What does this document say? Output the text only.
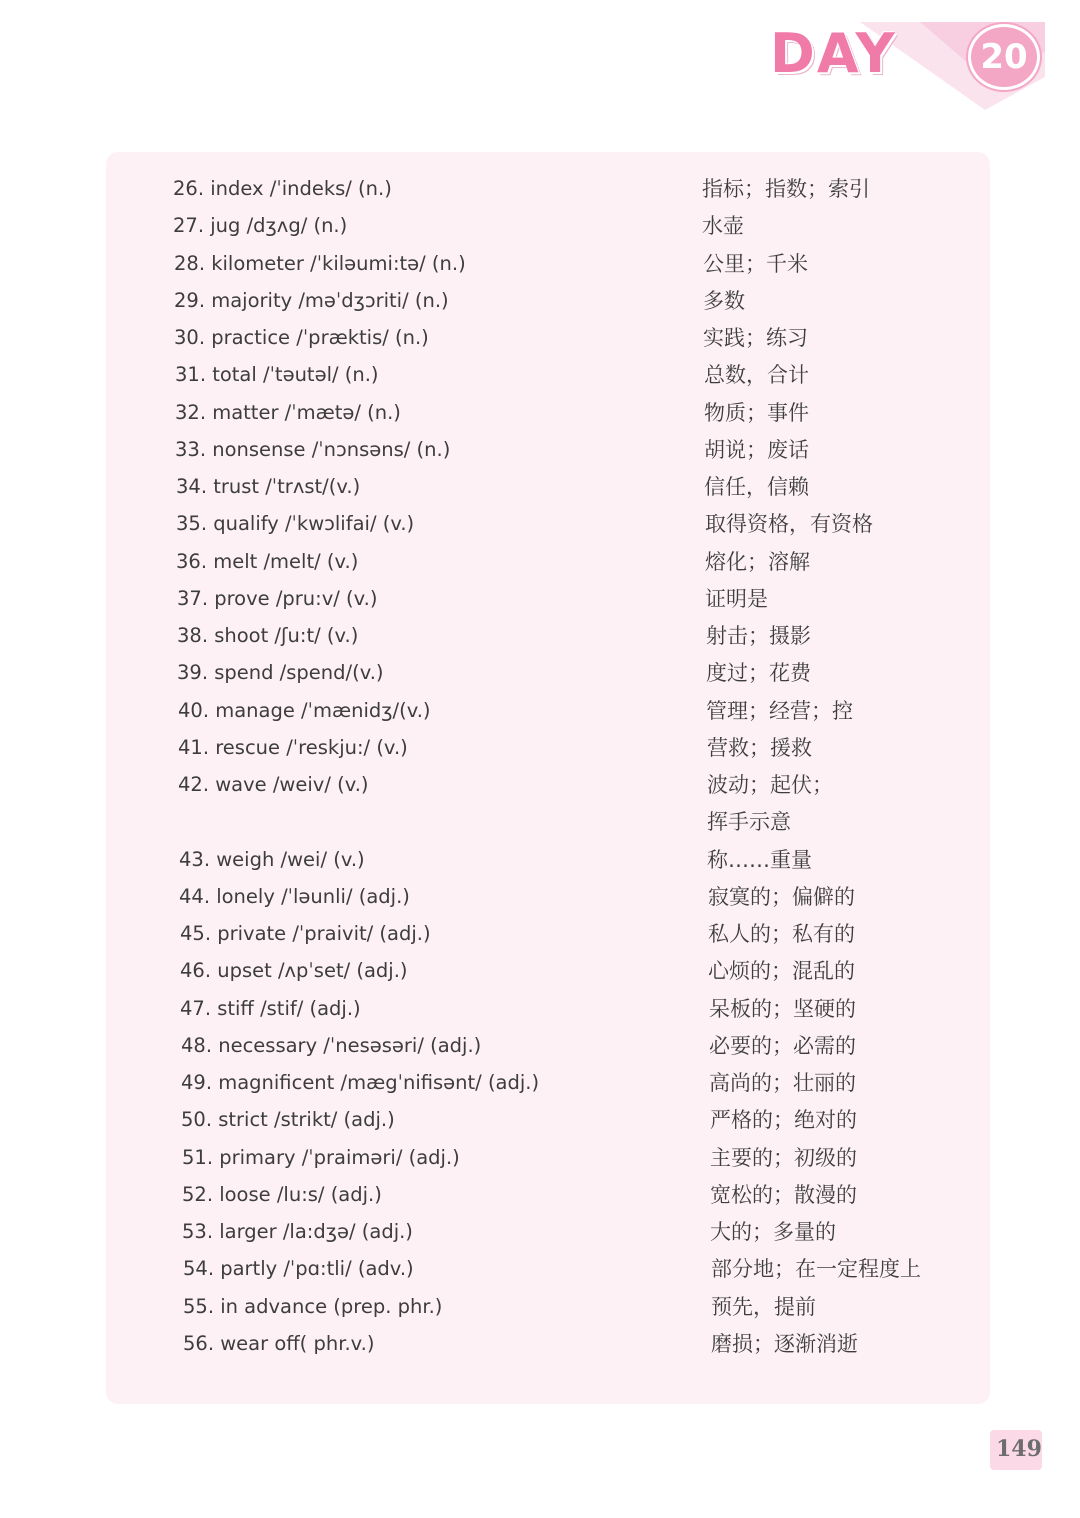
DAY	20
26. index /ˈindeks/ (n.)	指标；指数；索引
27. jug /dʒʌg/ (n.)	水壶
28. kilometer /ˈkiləumi:tə/ (n.)	公里；千米
29. majority /məˈdʒɔriti/ (n.)	多数
30. practice /ˈpræktis/ (n.)	实践；练习
31. total /ˈtəutəl/ (n.)	总数，合计
32. matter /ˈmætə/ (n.)	物质；事件
33. nonsense /ˈnɔnsəns/ (n.)	胡说；废话
34. trust /ˈtrʌst/(v.)	信任，信赖
35. qualify /ˈkwɔlifai/ (v.)	取得资格，有资格
36. melt /melt/ (v.)	熔化；溶解
37. prove /pru:v/ (v.)	证明是
38. shoot /ʃu:t/ (v.)	射击；摄影
39. spend /spend/(v.)	度过；花费
40. manage /ˈmænidʒ/(v.)	管理；经营；控
41. rescue /ˈreskju:/ (v.)	营救；援救
42. wave /weiv/ (v.)	波动；起伏；
挥手示意
43. weigh /wei/ (v.)	称……重量
44. lonely /ˈləunli/ (adj.)	寂寞的；偏僻的
45. private /ˈpraivit/ (adj.)	私人的；私有的
46. upset /ʌpˈset/ (adj.)	心烦的；混乱的
47. stiff /stif/ (adj.)	呆板的；坚硬的
48. necessary /ˈnesəsəri/ (adj.)	必要的；必需的
49. magnificent /mægˈnifisənt/ (adj.)	高尚的；壮丽的
50. strict /strikt/ (adj.)	严格的；绝对的
51. primary /ˈpraiməri/ (adj.)	主要的；初级的
52. loose /lu:s/ (adj.)	宽松的；散漫的
53. larger /la:dʒə/ (adj.)	大的；多量的
54. partly /ˈpɑ:tli/ (adv.)	部分地；在一定程度上
55. in advance (prep. phr.)	预先，提前
56. wear off( phr.v.)	磨损；逐渐消逝
149
